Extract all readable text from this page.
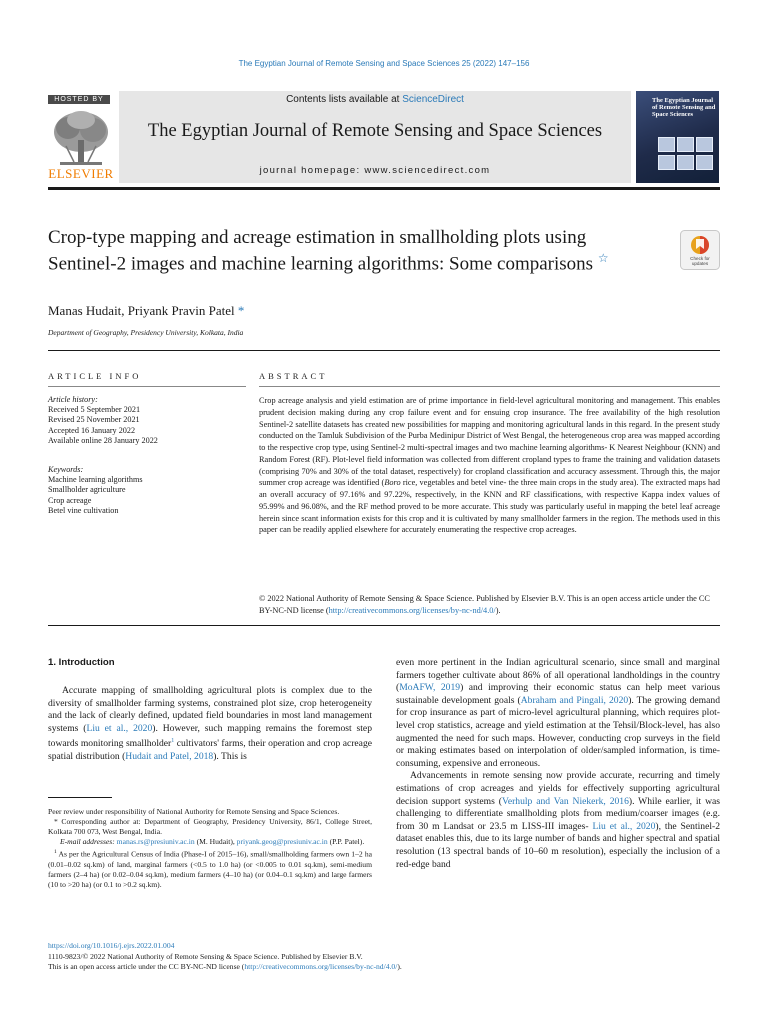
The Egyptian Journal of Remote Sensing and Space Sciences 25 (2022) 147–156
HOSTED BY
ELSEVIER
Contents lists available at ScienceDirect
The Egyptian Journal of Remote Sensing and Space Sciences
journal homepage: www.sciencedirect.com
The Egyptian Journal of Remote Sensing and Space Sciences
Crop-type mapping and acreage estimation in smallholding plots using Sentinel-2 images and machine learning algorithms: Some comparisons ☆	Check for
updates
Manas Hudait, Priyank Pravin Patel *
Department of Geography, Presidency University, Kolkata, India
ARTICLE INFO	ABSTRACT
Article history:
Received 5 September 2021
Revised 25 November 2021
Accepted 16 January 2022
Available online 28 January 2022
Keywords:
Machine learning algorithms
Smallholder agriculture
Crop acreage
Betel vine cultivation

Crop acreage analysis and yield estimation are of prime importance in field-level agricultural monitoring and management. This enables prudent decision making during any crop failure event and for ensuing crop insurance. The free availability of the high resolution Sentinel-2 satellite datasets has created new possibilities for mapping and monitoring agricultural lands in this regard. In the present study conducted on the Tamluk Subdivision of the Purba Medinipur District of West Bengal, the heterogeneous crop area was mapped according to the respective crop type, using Sentinel-2 multi-spectral images and two machine learning algorithms- K Nearest Neighbour (KNN) and Random Forest (RF). Plot-level field information was collected from different cropland types to frame the training and validation datasets (comprising 70% and 30% of the total dataset, respectively) for cropland classification and accuracy assessment. Through this, the major summer crop acreage was identified (Boro rice, vegetables and betel vine- the three main crops in the study area). The extracted maps had an overall accuracy of 97.16% and 97.22%, respectively, in the KNN and RF classifications, with respective Kappa index values of 95.99% and 96.08%, and the RF method proved to be more accurate. This study was particularly useful in mapping the betel leaf acreage herein since scant information exists for this crop and it is cultivated by many smallholder farmers in the region. The methods used in this paper can be readily applied elsewhere for accurately enumerating the respective crop acreages.

© 2022 National Authority of Remote Sensing & Space Science. Published by Elsevier B.V. This is an open access article under the CC BY-NC-ND license (http://creativecommons.org/licenses/by-nc-nd/4.0/).
1. Introduction

Accurate mapping of smallholding agricultural plots is complex due to the diversity of smallholder farming systems, constrained plot size, crop heterogeneity and the lack of clearly defined, updated field boundaries in most land management systems (Liu et al., 2020). However, such mapping remains the foremost step towards monitoring smallholder$^1$ cultivators' farms, their operation and crop acreage spatial distribution (Hudait and Patel, 2018). This is

even more pertinent in the Indian agricultural scenario, since small and marginal farmers together cultivate about 86% of all operational landholdings in the country (MoAFW, 2019) and improving their economic status can help meet various sustainable development goals (Abraham and Pingali, 2020). The growing demand for crop insurance as part of micro-level agricultural planning, which requires plot-level crop statistics, acreage and yield estimation at the Tehsil/Block-level, has also augmented the need for such maps. However, conducting crop surveys in the field or making estimates based on interpolation of older/sampled information, is time-consuming, expensive and erroneous.

Advancements in remote sensing now provide accurate, recurring and timely estimations of crop acreages and yields for effectively supporting agricultural decision support systems (Verhulp and Van Niekerk, 2016). While earlier, it was challenging to differentiate smallholding plots from medium/coarser images (e.g. from 30 m Landsat or 23.5 m LISS-III images- Liu et al., 2020), the Sentinel-2 dataset enables this, due to its large number of bands and higher spectral and spatial resolution (13 spectral bands of 10–60 m resolution), especially the inclusion of a red-edge band

Peer review under responsibility of National Authority for Remote Sensing and Space Sciences.

* Corresponding author at: Department of Geography, Presidency University, 86/1, College Street, Kolkata 700 073, West Bengal, India.

E-mail addresses: manas.rs@presiuniv.ac.in (M. Hudait), priyank.geog@presiuniv.ac.in (P.P. Patel).

$^1$ As per the Agricultural Census of India (Phase-I of 2015–16), small/smallholding farmers own 1–2 ha (0.01–0.02 sq.km) of land, marginal farmers (<0.5 to 1.0 ha) (or <0.005 to 0.01 sq.km), semi-medium farmers (2–4 ha) (or 0.02–0.04 sq.km), medium farmers (4–10 ha) (or 0.04–0.1 sq.km) and large farmers (10 to >20 ha) (or 0.1 to >0.2 sq.km).

https://doi.org/10.1016/j.ejrs.2022.01.004
1110-9823/© 2022 National Authority of Remote Sensing & Space Science. Published by Elsevier B.V.
This is an open access article under the CC BY-NC-ND license (http://creativecommons.org/licenses/by-nc-nd/4.0/).
